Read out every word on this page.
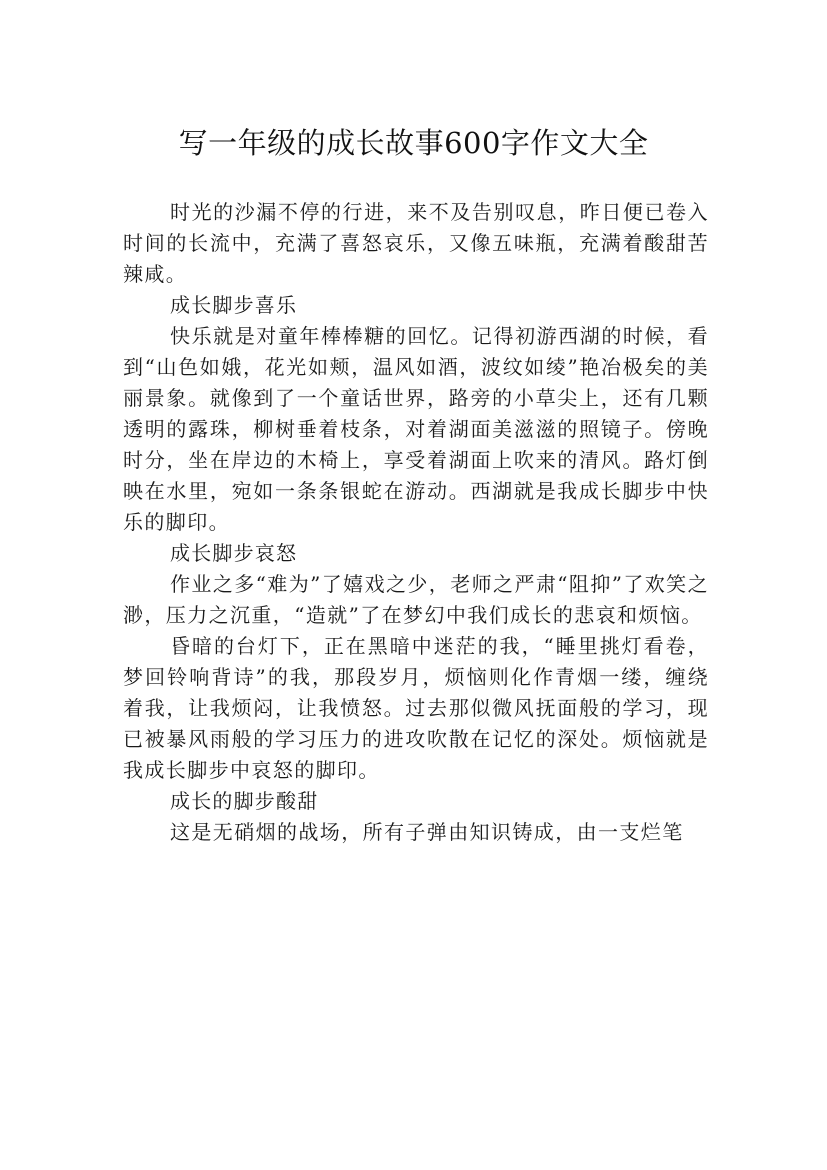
写一年级的成长故事600字作文大全

时光的沙漏不停的行进，来不及告别叹息，昨日便已卷入时间的长流中，充满了喜怒哀乐，又像五味瓶，充满着酸甜苦辣咸。

成长脚步喜乐

快乐就是对童年棒棒糖的回忆。记得初游西湖的时候，看到“山色如娥，花光如颊，温风如酒，波纹如绫”艳冶极矣的美丽景象。就像到了一个童话世界，路旁的小草尖上，还有几颗透明的露珠，柳树垂着枝条，对着湖面美滋滋的照镜子。傍晚时分，坐在岸边的木椅上，享受着湖面上吹来的清风。路灯倒映在水里，宛如一条条银蛇在游动。西湖就是我成长脚步中快乐的脚印。

成长脚步哀怒

作业之多“难为”了嬉戏之少，老师之严肃“阻抑”了欢笑之渺，压力之沉重，“造就”了在梦幻中我们成长的悲哀和烦恼。

昏暗的台灯下，正在黑暗中迷茫的我，“睡里挑灯看卷，梦回铃响背诗”的我，那段岁月，烦恼则化作青烟一缕，缠绕着我，让我烦闷，让我愤怒。过去那似微风抚面般的学习，现已被暴风雨般的学习压力的进攻吹散在记忆的深处。烦恼就是我成长脚步中哀怒的脚印。

成长的脚步酸甜

这是无硝烟的战场，所有子弹由知识铸成，由一支烂笔
